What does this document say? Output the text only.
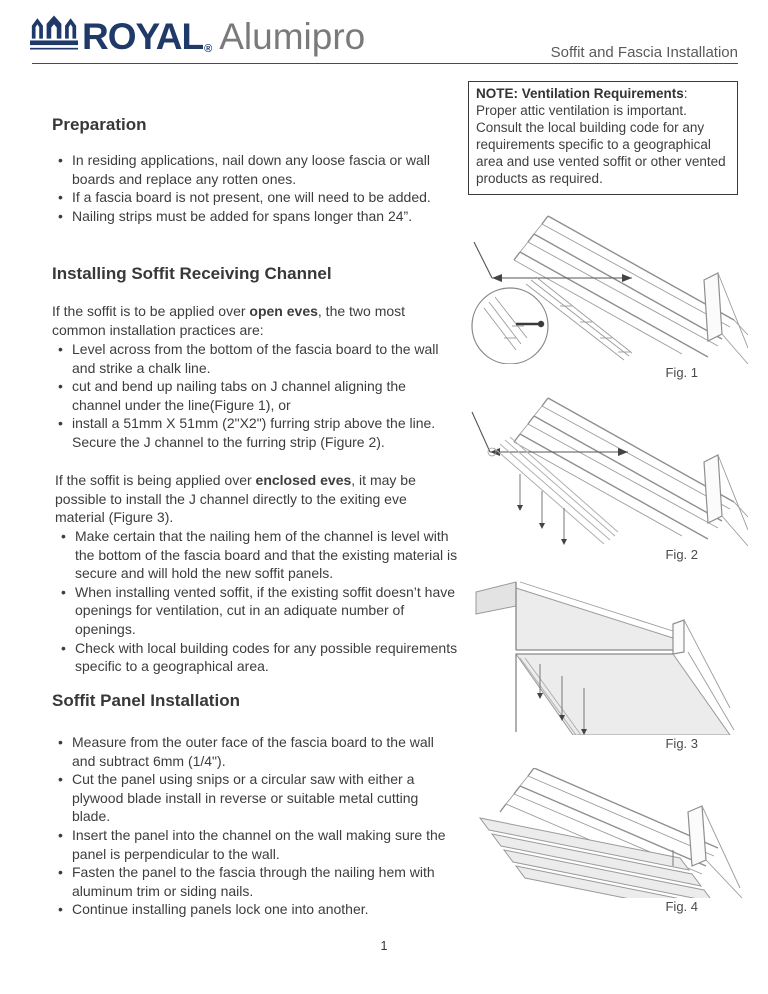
ROYAL ® Alumipro	Soffit and Fascia Installation
NOTE: Ventilation Requirements: Proper attic ventilation is important. Consult the local building code for any requirements specific to a geographical area and use vented soffit or other vented products as required.
Preparation
• In residing applications, nail down any loose fascia or wall boards and replace any rotten ones.
• If a fascia board is not present, one will need to be added.
• Nailing strips must be added for spans longer than 24”.
Installing Soffit Receiving Channel

If the soffit is to be applied over open eves, the two most common installation practices are:

• Level across from the bottom of the fascia board to the wall and strike a chalk line.
• cut and bend up nailing tabs on J channel aligning the channel under the line(Figure 1), or
• install a 51mm X 51mm (2"X2") furring strip above the line. Secure the J channel to the furring strip (Figure 2).

If the soffit is being applied over enclosed eves, it may be possible to install the J channel directly to the exiting eve material (Figure 3).

• Make certain that the nailing hem of the channel is level with the bottom of the fascia board and that the existing material is secure and will hold the new soffit panels.
• When installing vented soffit, if the existing soffit doesn’t have openings for ventilation, cut in an adiquate number of openings.
• Check with local building codes for any possible requirements specific to a geographical area.
Soffit Panel Installation
• Measure from the outer face of the fascia board to the wall and subtract 6mm (1/4").
• Cut the panel using snips or a circular saw with either a plywood blade install in reverse or suitable metal cutting blade.
• Insert the panel into the channel on the wall making sure the panel is perpendicular to the wall.
• Fasten the panel to the fascia through the nailing hem with aluminum trim or siding nails.
• Continue installing panels lock one into another.
Fig. 1
Fig. 2
Fig. 3
Fig. 4
1
